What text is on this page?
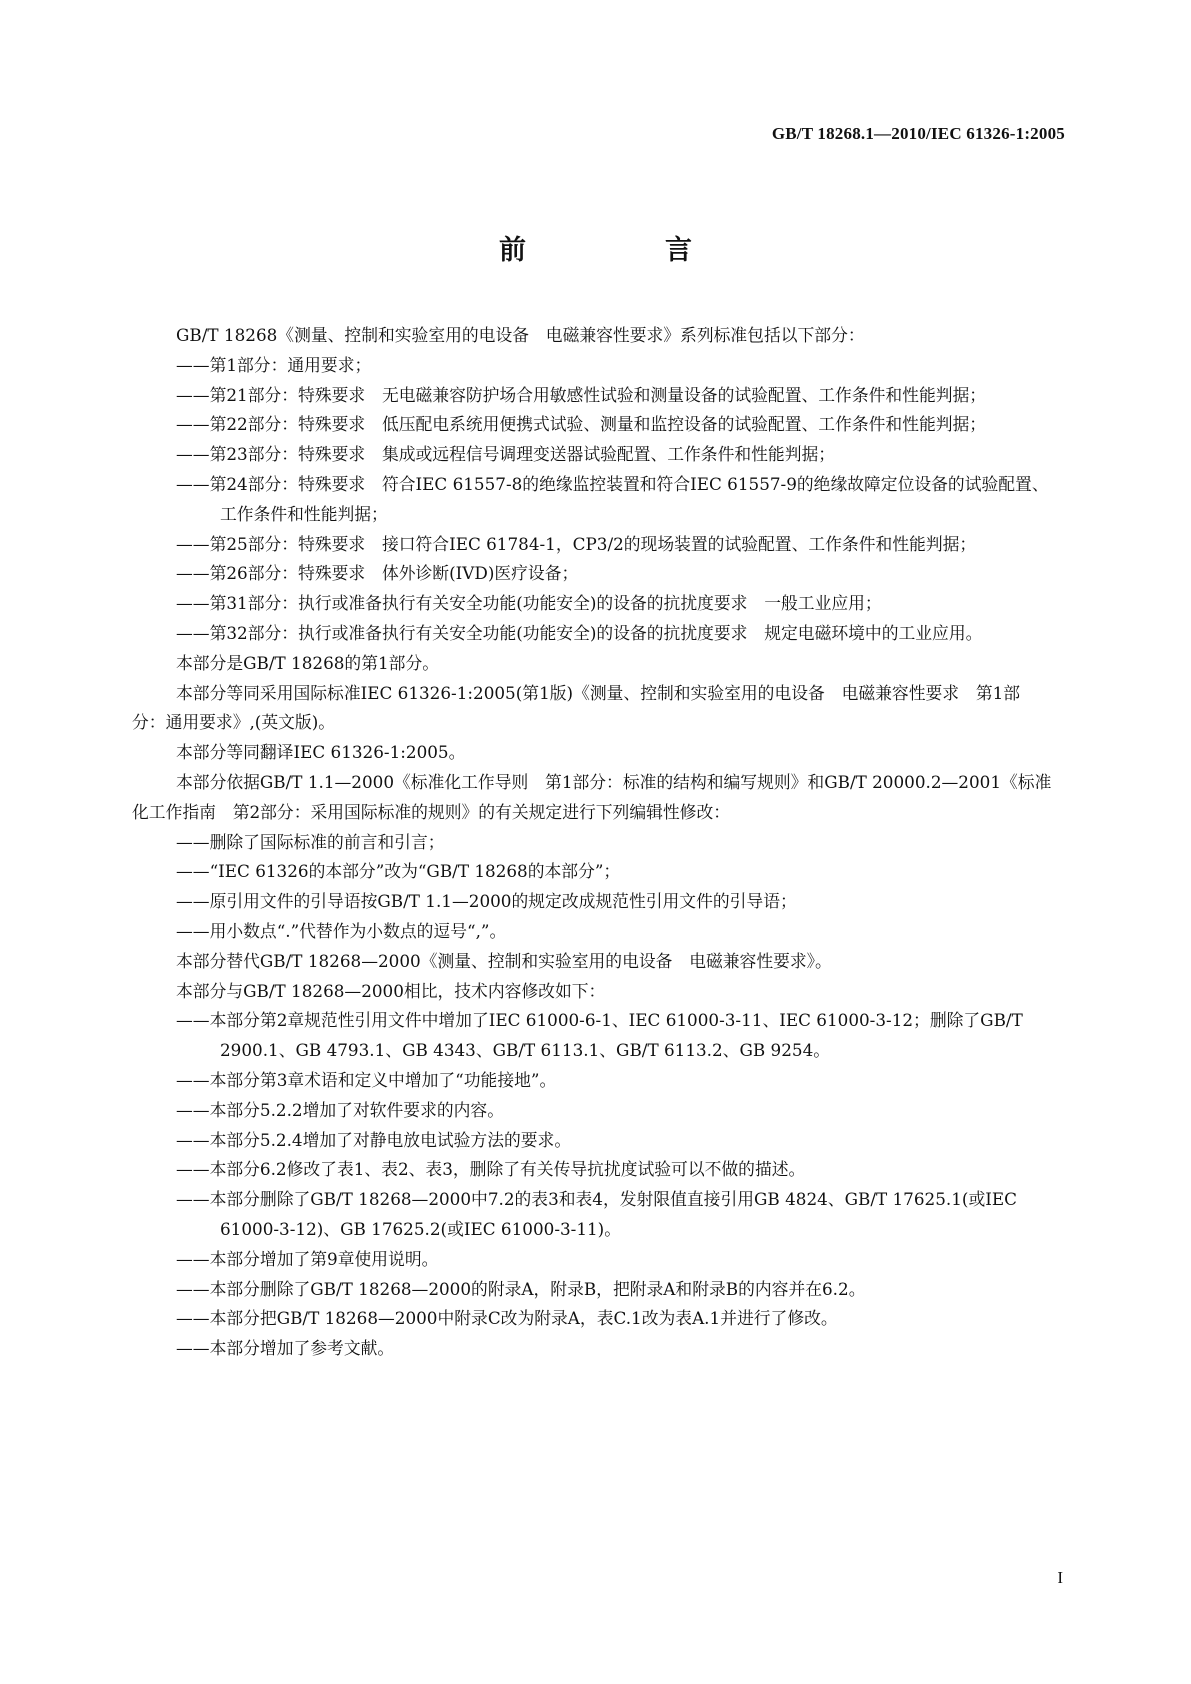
GB/T 18268.1—2010/IEC 61326-1:2005
前　言

GB/T 18268《测量、控制和实验室用的电设备　电磁兼容性要求》系列标准包括以下部分：

——第1部分：通用要求；

——第21部分：特殊要求　无电磁兼容防护场合用敏感性试验和测量设备的试验配置、工作条件和性能判据；

——第22部分：特殊要求　低压配电系统用便携式试验、测量和监控设备的试验配置、工作条件和性能判据；

——第23部分：特殊要求　集成或远程信号调理变送器试验配置、工作条件和性能判据；

——第24部分：特殊要求　符合IEC 61557-8的绝缘监控装置和符合IEC 61557-9的绝缘故障定位设备的试验配置、工作条件和性能判据；

——第25部分：特殊要求　接口符合IEC 61784-1，CP3/2的现场装置的试验配置、工作条件和性能判据；

——第26部分：特殊要求　体外诊断(IVD)医疗设备；

——第31部分：执行或准备执行有关安全功能(功能安全)的设备的抗扰度要求　一般工业应用；

——第32部分：执行或准备执行有关安全功能(功能安全)的设备的抗扰度要求　规定电磁环境中的工业应用。

本部分是GB/T 18268的第1部分。

本部分等同采用国际标准IEC 61326-1:2005(第1版)《测量、控制和实验室用的电设备　电磁兼容性要求　第1部分：通用要求》,(英文版)。

本部分等同翻译IEC 61326-1:2005。

本部分依据GB/T 1.1—2000《标准化工作导则　第1部分：标准的结构和编写规则》和GB/T 20000.2—2001《标准化工作指南　第2部分：采用国际标准的规则》的有关规定进行下列编辑性修改：

——删除了国际标准的前言和引言；

——“IEC 61326的本部分”改为“GB/T 18268的本部分”；

——原引用文件的引导语按GB/T 1.1—2000的规定改成规范性引用文件的引导语；

——用小数点“.”代替作为小数点的逗号“,”。

本部分替代GB/T 18268—2000《测量、控制和实验室用的电设备　电磁兼容性要求》。

本部分与GB/T 18268—2000相比，技术内容修改如下：

——本部分第2章规范性引用文件中增加了IEC 61000-6-1、IEC 61000-3-11、IEC 61000-3-12；删除了GB/T 2900.1、GB 4793.1、GB 4343、GB/T 6113.1、GB/T 6113.2、GB 9254。

——本部分第3章术语和定义中增加了“功能接地”。

——本部分5.2.2增加了对软件要求的内容。

——本部分5.2.4增加了对静电放电试验方法的要求。

——本部分6.2修改了表1、表2、表3，删除了有关传导抗扰度试验可以不做的描述。

——本部分删除了GB/T 18268—2000中7.2的表3和表4，发射限值直接引用GB 4824、GB/T 17625.1(或IEC 61000-3-12)、GB 17625.2(或IEC 61000-3-11)。

——本部分增加了第9章使用说明。

——本部分删除了GB/T 18268—2000的附录A，附录B，把附录A和附录B的内容并在6.2。

——本部分把GB/T 18268—2000中附录C改为附录A，表C.1改为表A.1并进行了修改。

——本部分增加了参考文献。

I
